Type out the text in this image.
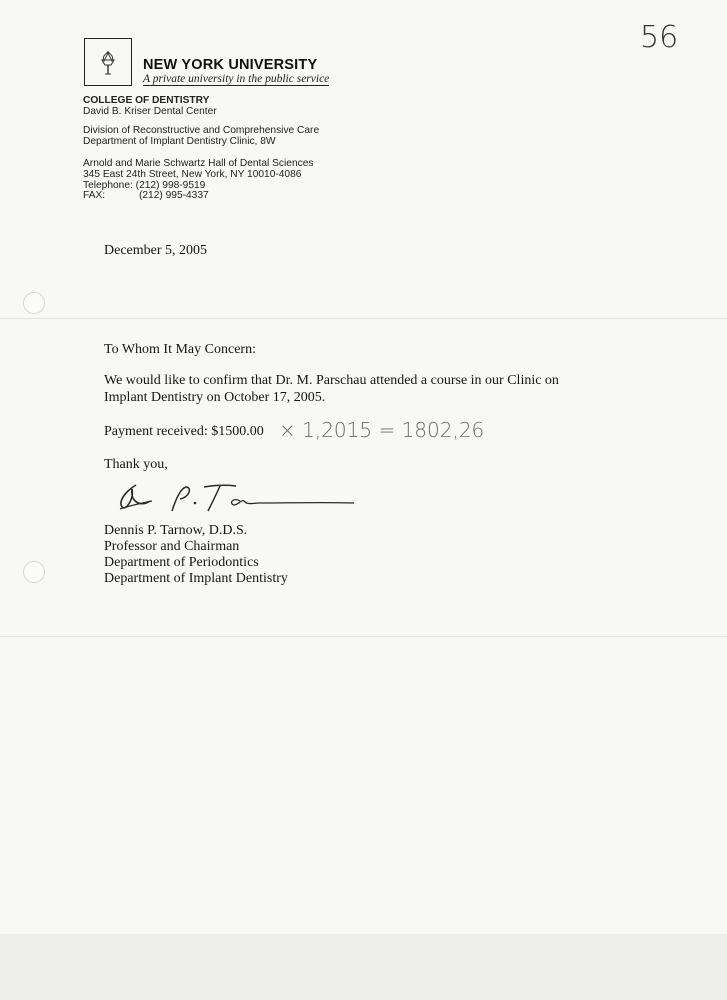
56
NEW YORK UNIVERSITY
A private university in the public service
COLLEGE OF DENTISTRY
David B. Kriser Dental Center
Division of Reconstructive and Comprehensive Care
Department of Implant Dentistry Clinic, 8W
Arnold and Marie Schwartz Hall of Dental Sciences
345 East 24th Street, New York, NY 10010-4086
Telephone: (212) 998-9519
FAX:	(212) 995-4337
December 5, 2005
To Whom It May Concern:
We would like to confirm that Dr. M. Parschau attended a course in our Clinic on
Implant Dentistry on October 17, 2005.
Payment received: $1500.00 × 1,2015 = 1802,26
Thank you,
Dennis P. Tarnow, D.D.S.
Professor and Chairman
Department of Periodontics
Department of Implant Dentistry
